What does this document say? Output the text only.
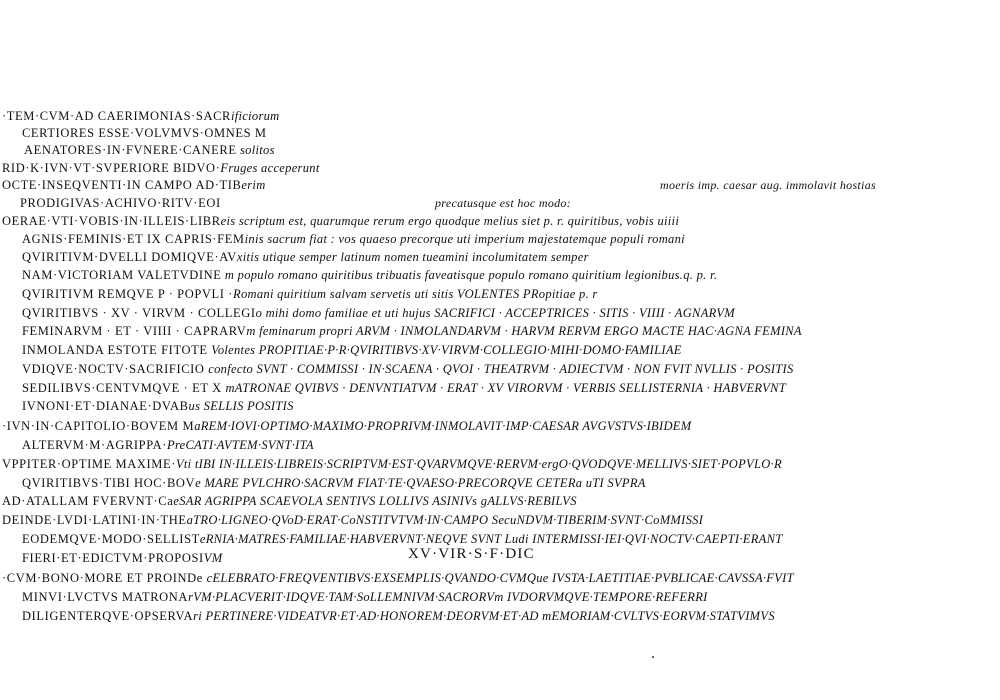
·TEM·CVM·AD CAERIMONIAS·SACRificiorum
CERTIORES ESSE·VOLVMVS·OMNES M
AENATORES·IN·FVNERE·CANERE solitos
RID·K·IVN·VT·SVPERIORE BIDVO·Fruges acceperunt
OCTE·INSEQVENTI·IN CAMPO AD·TIBerim	moeris imp. caesar aug. immolavit hostias
PRODIGIVAS·ACHIVO·RITV·EOI	precatusque est hoc modo:
OERAE·VTI·VOBIS·IN·ILLEIS·LIBReis scriptum est, quarumque rerum ergo quodque melius siet p. r. quiritibus, vobis uiiii
AGNIS·FEMINIS·ET IX CAPRIS·FEMinis sacrum fiat : vos quaeso precorque uti imperium majestatemque populi romani
QVIRITIVM·DVELLI DOMIQVE·AVxitis utique semper latinum nomen tueamini incolumitatem semper
NAM·VICTORIAM VALETVDINE m populo romano quiritibus tribuatis faveatisque populo romano quiritium legionibus.q. p. r.
QVIRITIVM REMQVE P · POPVLI ·Romani quiritium salvam servetis uti sitis VOLENTES PRopitiae p. r
QVIRITIBVS · XV · VIRVM · COLLEGIo mihi domo familiae et uti hujus SACRIFICI · ACCEPTRICES · SITIS · VIIII · AGNARVM
FEMINARVM · ET · VIIII · CAPRARVm feminarum propri ARVM · INMOLANDARVM · HARVM RERVM ERGO MACTE HAC·AGNA FEMINA
INMOLANDA ESTOTE FITOTE Volentes PROPITIAE·P·R·QVIRITIBVS·XV·VIRVM·COLLEGIO·MIHI·DOMO·FAMILIAE
VDIQVE·NOCTV·SACRIFICIO confecto SVNT · COMMISSI · IN·SCAENA · QVOI · THEATRVM · ADIECTVM · NON FVIT NVLLIS · POSITIS
SEDILIBVS·CENTVMQVE · ET X mATRONAE QVIBVS · DENVNTIATVM · ERAT · XV VIRORVM · VERBIS SELLISTERNIA · HABVERVNT
IVNONI·ET·DIANAE·DVABus SELLIS POSITIS
·IVN·IN·CAPITOLIO·BOVEM MaREM·IOVI·OPTIMO·MAXIMO·PROPRIVM·INMOLAVIT·IMP·CAESAR AVGVSTVS·IBIDEM
ALTERVM·M·AGRIPPA·PreCATI·AVTEM·SVNT·ITA
VPPITER·OPTIME MAXIME·Vti tIBI IN·ILLEIS·LIBREIS·SCRIPTVM·EST·QVARVMQVE·RERVM·ergO·QVODQVE·MELLIVS·SIET·POPVLO·R
QVIRITIBVS·TIBI HOC·BOVe MARE PVLCHRO·SACRVM FIAT·TE·QVAESO·PRECORQVE CETERa uTI SVPRA
AD·ATALLAM FVERVNT·CaeSAR AGRIPPA SCAEVOLA SENTIVS LOLLIVS ASINIVs gALLVS·REBILVS
DEINDE·LVDI·LATINI·IN·THEaTRO·LIGNEO·QVoD·ERAT·CoNSTITVTVM·IN·CAMPO SecuNDVM·TIBERIM·SVNT·CoMMISSI
EODEMQVE·MODO·SELLISTeRNIA·MATRES·FAMILIAE·HABVERVNT·NEQVE SVNT Ludi INTERMISSI·IEI·QVI·NOCTV·CAEPTI·ERANT
FIERI·ET·EDICTVM·PROPOSIVM	XV·VIR·S·F·DIC
·CVM·BONO·MORE ET PROINDe cELEBRATO·FREQVENTIBVS·EXSEMPLIS·QVANDO·CVMQue IVSTA·LAETITIAE·PVBLICAE·CAVSSA·FVIT
MINVI·LVCTVS MATRONArVM·PLACVERIT·IDQVE·TAM·SoLLEMNIVM·SACRORVm IVDORVMQVE·TEMPORE·REFERRI
DILIGENTERQVE·OPSERVAri PERTINERE·VIDEATVR·ET·AD·HONOREM·DEORVM·ET·AD mEMORIAM·CVLTVS·EORVM·STATVIMVS
